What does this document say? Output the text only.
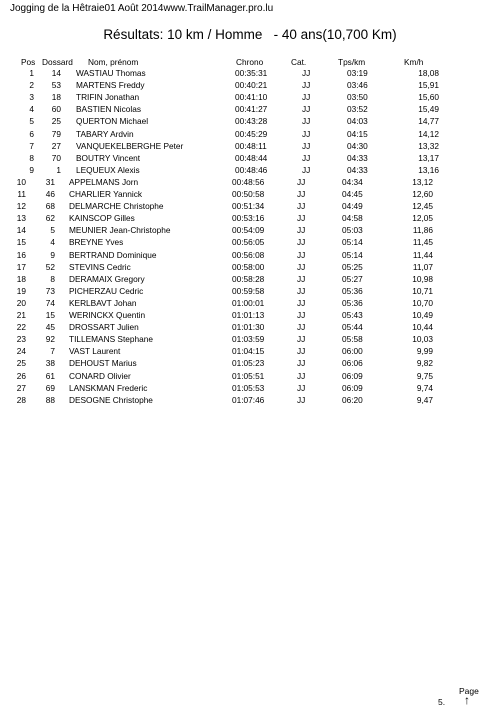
Jogging de la Hêtraie01 Août 2014www.TrailManager.pro.lu
Résultats: 10 km / Homme   - 40 ans(10,700 Km)
Pos Dossard Nom, prénom	Chrono	Cat.	Tps/km	Km/h
1 14 WASTIAU Thomas	00:35:31	JJ	03:19	18,08
2 53 MARTENS Freddy	00:40:21	JJ	03:46	15,91
3 18 TRIFIN Jonathan	00:41:10	JJ	03:50	15,60
4 60 BASTIEN Nicolas	00:41:27	JJ	03:52	15,49
5 25 QUERTON Michael	00:43:28	JJ	04:03	14,77
6 79 TABARY Ardvin	00:45:29	JJ	04:15	14,12
7 27 VANQUEKELBERGHE Peter	00:48:11	JJ	04:30	13,32
8 70 BOUTRY Vincent	00:48:44	JJ	04:33	13,17
9	1 LEQUEUX Alexis	00:48:46	JJ	04:33	13,16
10 31 APPELMANS Jorn	00:48:56	JJ	04:34	13,12
11 46 CHARLIER Yannick	00:50:58	JJ	04:45	12,60
12 68 DELMARCHE Christophe	00:51:34	JJ	04:49	12,45
13 62 KAINSCOP Gilles	00:53:16	JJ	04:58	12,05
14	5 MEUNIER Jean-Christophe	00:54:09	JJ	05:03	11,86
15	4 BREYNE Yves	00:56:05	JJ	05:14	11,45
16	9 BERTRAND Dominique	00:56:08	JJ	05:14	11,44
17 52 STEVINS Cedric	00:58:00	JJ	05:25	11,07
18	8 DERAMAIX Gregory	00:58:28	JJ	05:27	10,98
19 73 PICHERZAU Cedric	00:59:58	JJ	05:36	10,71
20 74 KERLBAVT Johan	01:00:01	JJ	05:36	10,70
21 15 WERINCKX Quentin	01:01:13	JJ	05:43	10,49
22 45 DROSSART Julien	01:01:30	JJ	05:44	10,44
23 92 TILLEMANS Stephane	01:03:59	JJ	05:58	10,03
24	7 VAST Laurent	01:04:15	JJ	06:00	9,99
25 38 DEHOUST Marius	01:05:23	JJ	06:06	9,82
26 61 CONARD Olivier	01:05:51	JJ	06:09	9,75
27 69 LANSKMAN Frederic	01:05:53	JJ	06:09	9,74
28 88 DESOGNE Christophe	01:07:46	JJ	06:20	9,47
Page
5. ↑
